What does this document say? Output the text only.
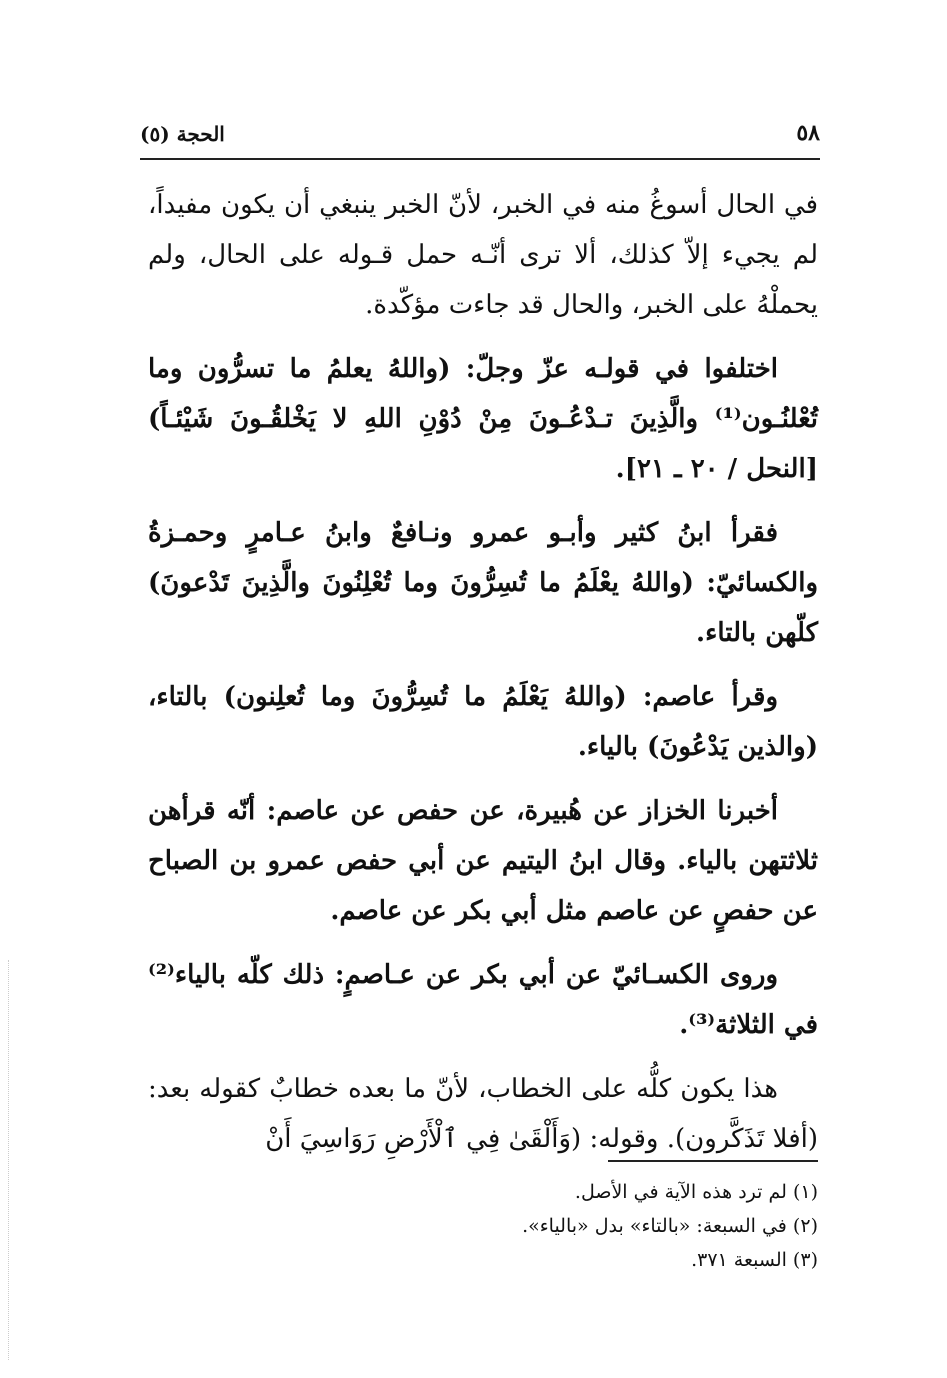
٥٨
الحجة (٥)

في الحال أسوغُ منه في الخبر، لأنّ الخبر ينبغي أن يكون مفيداً، لم يجيء إلاّ كذلك، ألا ترى أنّـه حمل قـوله على الحال، ولم يحملْهُ على الخبر، والحال قد جاءت مؤكّدة.

اختلفوا في قولـه عزّ وجلّ: (واللهُ يعلمُ ما تسرُّون وما تُعْلنُـون⁽¹⁾ والَّذِينَ تـدْعُـونَ مِنْ دُوْنِ اللهِ لا يَخْلقُـونَ شَيْئـاً) [النحل / ٢٠ ـ ٢١].

فقرأ ابنُ كثير وأبـو عمرو ونـافعٌ وابنُ عـامرٍ وحمـزةُ والكسائيّ: (واللهُ يعْلَمُ ما تُسِرُّونَ وما تُعْلِنُونَ والَّذِينَ تَدْعونَ) كلّهن بالتاء.

وقرأ عاصم: (واللهُ يَعْلَمُ ما تُسِرُّونَ وما تُعلِنون) بالتاء، (والذين يَدْعُونَ) بالياء.

أخبرنا الخزاز عن هُبيرة، عن حفص عن عاصم: أنّه قرأهن ثلاثتهن بالياء. وقال ابنُ اليتيم عن أبي حفص عمرو بن الصباح عن حفصٍ عن عاصم مثل أبي بكر عن عاصم.

وروى الكسـائيّ عن أبي بكر عن عـاصمٍ: ذلك كلّه بالياء⁽²⁾ في الثلاثة⁽³⁾.

هذا يكون كلُّه على الخطاب، لأنّ ما بعده خطابٌ كقوله بعد: (أفلا تَذَكَّرون). وقوله: (وَأَلْقَىٰ فِي ٱلْأَرْضِ رَوَاسِيَ أَنْ

(١) لم ترد هذه الآية في الأصل.
(٢) في السبعة: «بالتاء» بدل «بالياء».
(٣) السبعة ٣٧١.
